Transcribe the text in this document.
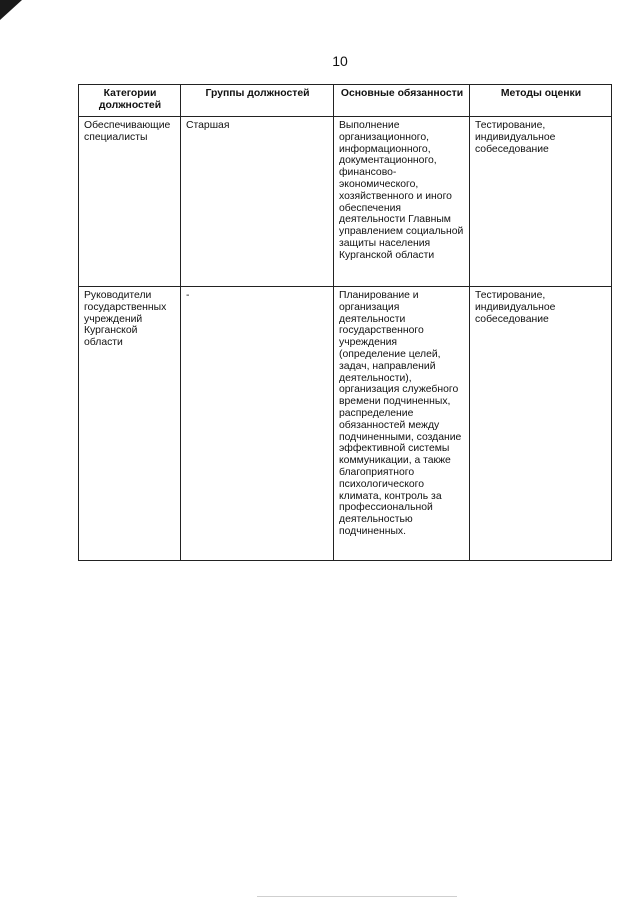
10
Категории должностей	Группы должностей	Основные обязанности	Методы оценки
Обеспечивающие специалисты	Старшая	Выполнение организационного, информационного, документационного, финансово-экономического, хозяйственного и иного обеспечения деятельности Главным управлением социальной защиты населения Курганской области	Тестирование, индивидуальное собеседование
Руководители государственных учреждений Курганской области	-	Планирование и организация деятельности государственного учреждения (определение целей, задач, направлений деятельности), организация служебного времени подчиненных, распределение обязанностей между подчиненными, создание эффективной системы коммуникации, а также благоприятного психологического климата, контроль за профессиональной деятельностью подчиненных.	Тестирование, индивидуальное собеседование
